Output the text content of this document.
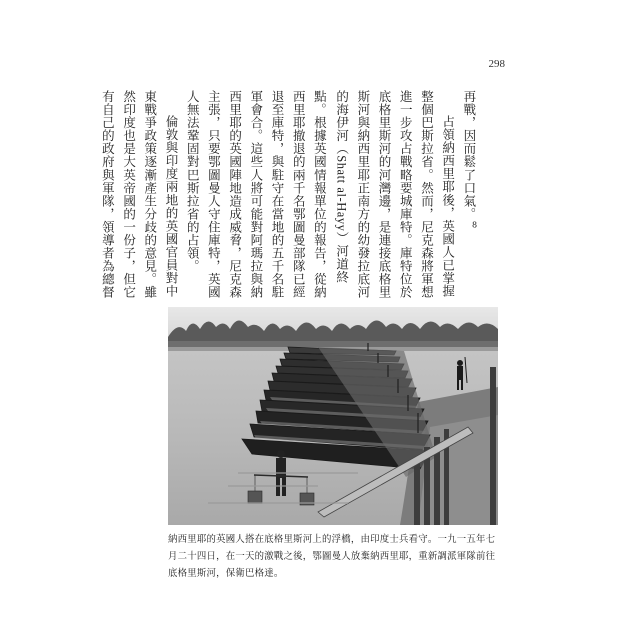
298

再戰，因而鬆了口氣。$^8$

占領納西里耶後，英國人已掌握整個巴斯拉省。然而，尼克森將軍想進一步攻占戰略要城庫特。庫特位於底格里斯河的河灣邊，是連接底格里斯河與納西里耶正南方的幼發拉底河的海伊河（Shatt al-Hayy）河道終點。根據英國情報單位的報告，從納西里耶撤退的兩千名鄂圖曼部隊已經退至庫特，與駐守在當地的五千名駐軍會合。這些人將可能對阿瑪拉與納西里耶的英國陣地造成威脅，尼克森主張，只要鄂圖曼人守住庫特，英國人無法鞏固對巴斯拉省的占領。

倫敦與印度兩地的英國官員對中東戰爭政策逐漸產生分歧的意見。雖然印度也是大英帝國的一份子，但它有自己的政府與軍隊，領導者為總督

納西里耶的英國人搭在底格里斯河上的浮橋，由印度士兵看守。一九一五年七月二十四日，在一天的激戰之後，鄂圖曼人放棄納西里耶，重新調派軍隊前往底格里斯河，保衛巴格達。
